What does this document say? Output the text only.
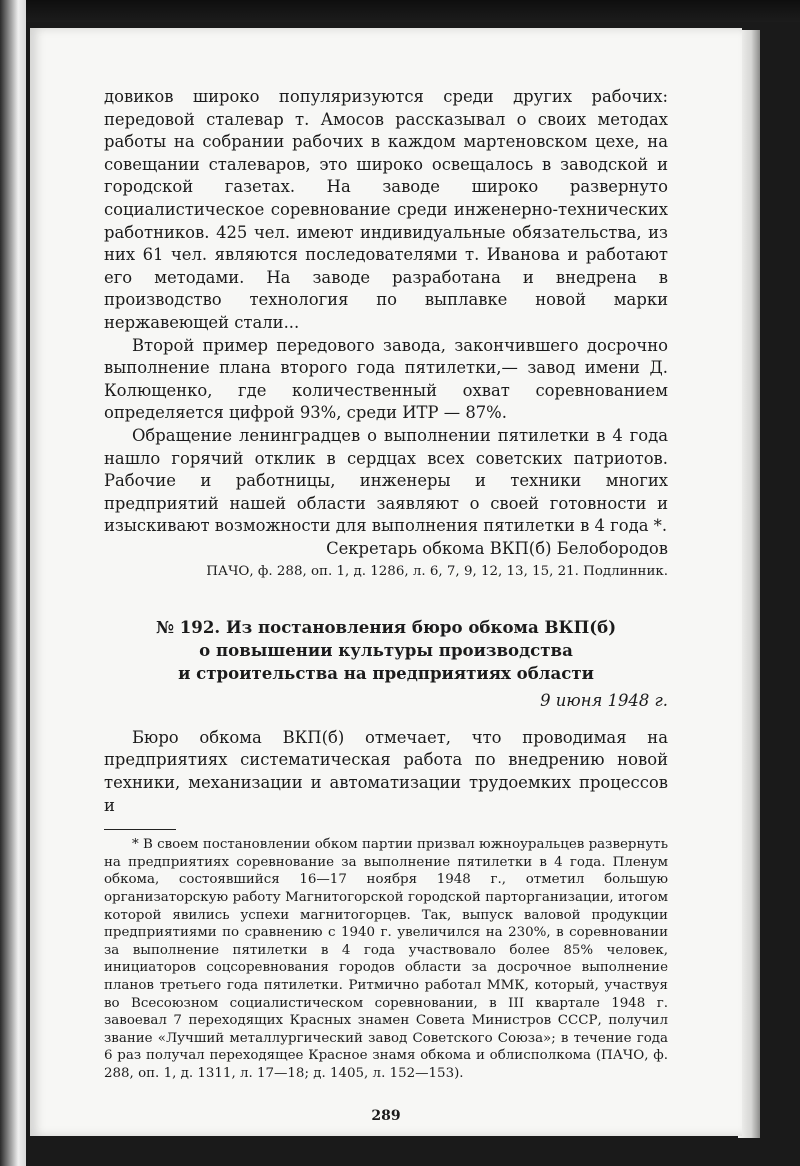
довиков широко популяризуются среди других рабочих: передовой сталевар т. Амосов рассказывал о своих методах работы на собрании рабочих в каждом мартеновском цехе, на совещании сталеваров, это широко освещалось в заводской и городской газетах. На заводе широко развернуто социалистическое соревнование среди инженерно-технических работников. 425 чел. имеют индивидуальные обязательства, из них 61 чел. являются последователями т. Иванова и работают его методами. На заводе разработана и внедрена в производство технология по выплавке новой марки нержавеющей стали...

Второй пример передового завода, закончившего досрочно выполнение плана второго года пятилетки,— завод имени Д. Колющенко, где количественный охват соревнованием определяется цифрой 93%, среди ИТР — 87%.

Обращение ленинградцев о выполнении пятилетки в 4 года нашло горячий отклик в сердцах всех советских патриотов. Рабочие и работницы, инженеры и техники многих предприятий нашей области заявляют о своей готовности и изыскивают возможности для выполнения пятилетки в 4 года *.

Секретарь обкома ВКП(б) Белобородов

ПАЧО, ф. 288, оп. 1, д. 1286, л. 6, 7, 9, 12, 13, 15, 21. Подлинник.

№ 192. Из постановления бюро обкома ВКП(б)
о повышении культуры производства
и строительства на предприятиях области
9 июня 1948 г.

Бюро обкома ВКП(б) отмечает, что проводимая на предприятиях систематическая работа по внедрению новой техники, механизации и автоматизации трудоемких процессов и

* В своем постановлении обком партии призвал южноуральцев развернуть на предприятиях соревнование за выполнение пятилетки в 4 года. Пленум обкома, состоявшийся 16—17 ноября 1948 г., отметил большую организаторскую работу Магнитогорской городской парторганизации, итогом которой явились успехи магнитогорцев. Так, выпуск валовой продукции предприятиями по сравнению с 1940 г. увеличился на 230%, в соревновании за выполнение пятилетки в 4 года участвовало более 85% человек, инициаторов соцсоревнования городов области за досрочное выполнение планов третьего года пятилетки. Ритмично работал ММК, который, участвуя во Всесоюзном социалистическом соревновании, в III квартале 1948 г. завоевал 7 переходящих Красных знамен Совета Министров СССР, получил звание «Лучший металлургический завод Советского Союза»; в течение года 6 раз получал переходящее Красное знамя обкома и облисполкома (ПАЧО, ф. 288, оп. 1, д. 1311, л. 17—18; д. 1405, л. 152—153).

289
